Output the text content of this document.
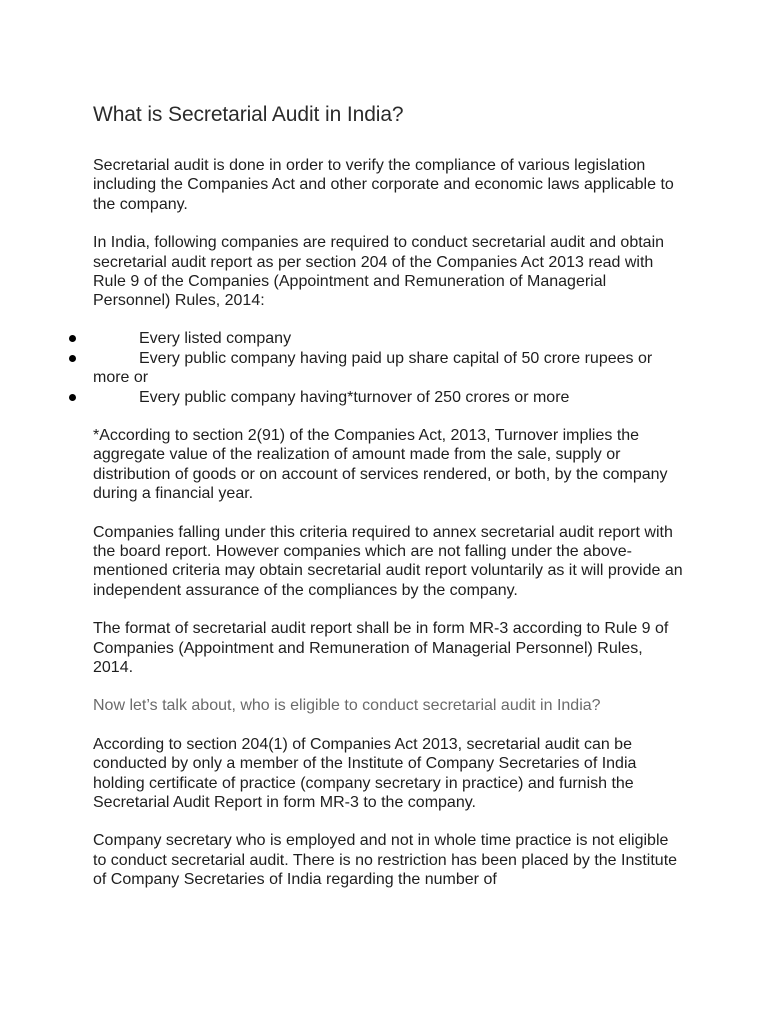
What is Secretarial Audit in India?

Secretarial audit is done in order to verify the compliance of various legislation including the Companies Act and other corporate and economic laws applicable to the company.

In India, following companies are required to conduct secretarial audit and obtain secretarial audit report as per section 204 of the Companies Act 2013 read with Rule 9 of the Companies (Appointment and Remuneration of Managerial Personnel) Rules, 2014:

Every listed company
Every public company having paid up share capital of 50 crore rupees or more or
Every public company having*turnover of 250 crores or more

*According to section 2(91) of the Companies Act, 2013, Turnover implies the aggregate value of the realization of amount made from the sale, supply or distribution of goods or on account of services rendered, or both, by the company during a financial year.

Companies falling under this criteria required to annex secretarial audit report with the board report. However companies which are not falling under the above-mentioned criteria may obtain secretarial audit report voluntarily as it will provide an independent assurance of the compliances by the company.

The format of secretarial audit report shall be in form MR-3 according to Rule 9 of Companies (Appointment and Remuneration of Managerial Personnel) Rules, 2014.

Now let’s talk about, who is eligible to conduct secretarial audit in India?

According to section 204(1) of Companies Act 2013, secretarial audit can be conducted by only a member of the Institute of Company Secretaries of India holding certificate of practice (company secretary in practice) and furnish the Secretarial Audit Report in form MR-3 to the company.

Company secretary who is employed and not in whole time practice is not eligible to conduct secretarial audit. There is no restriction has been placed by the Institute of Company Secretaries of India regarding the number of
